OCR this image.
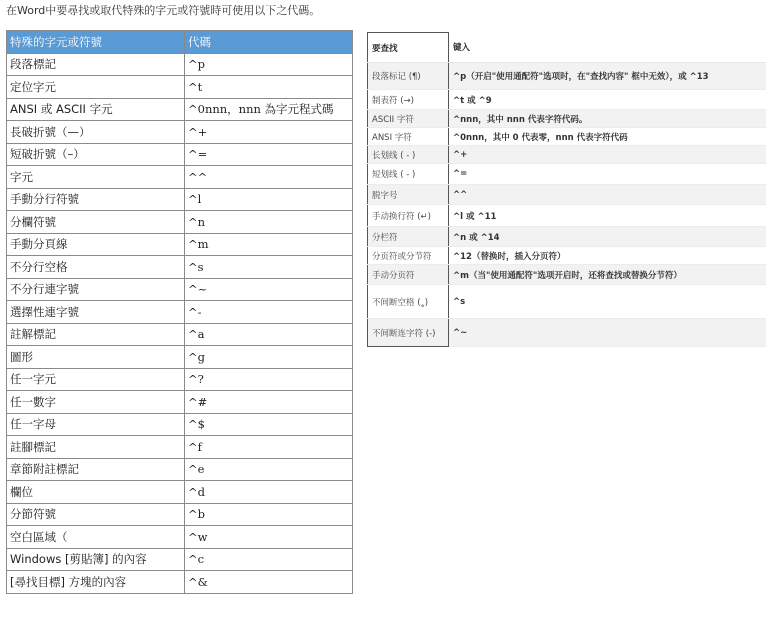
在Word中要尋找或取代特殊的字元或符號時可使用以下之代碼。
特殊的字元或符號	代碼
段落標記	^p
定位字元	^t
ANSI 或 ASCII 字元	^0nnn，nnn 為字元程式碼
長破折號（—）	^+
短破折號（–）	^=
字元	^^
手動分行符號	^l
分欄符號	^n
手動分頁線	^m
不分行空格	^s
不分行連字號	^~
選擇性連字號	^-
註解標記	^a
圖形	^g
任一字元	^?
任一數字	^#
任一字母	^$
註腳標記	^f
章節附註標記	^e
欄位	^d
分節符號	^b
空白區域（	^w
Windows [剪貼簿] 的內容	^c
[尋找目標] 方塊的內容	^&
要查找	键入
段落标记 (¶)	^p（开启"使用通配符"选项时，在"查找内容" 框中无效），或 ^13
制表符 (→)	^t 或 ^9
ASCII 字符	^nnn，其中 nnn 代表字符代码。
ANSI 字符	^0nnn，其中 0 代表零，nnn 代表字符代码
长划线 ( - )	^+
短划线 ( - )	^=
脱字号	^^
手动换行符 (↵)	^l 或 ^11
分栏符	^n 或 ^14
分页符或分节符	^12（替换时，插入分页符）
手动分页符	^m（当"使用通配符"选项开启时，还将查找或替换分节符）
不间断空格 (˳)	^s
不间断连字符 (-)	^~
